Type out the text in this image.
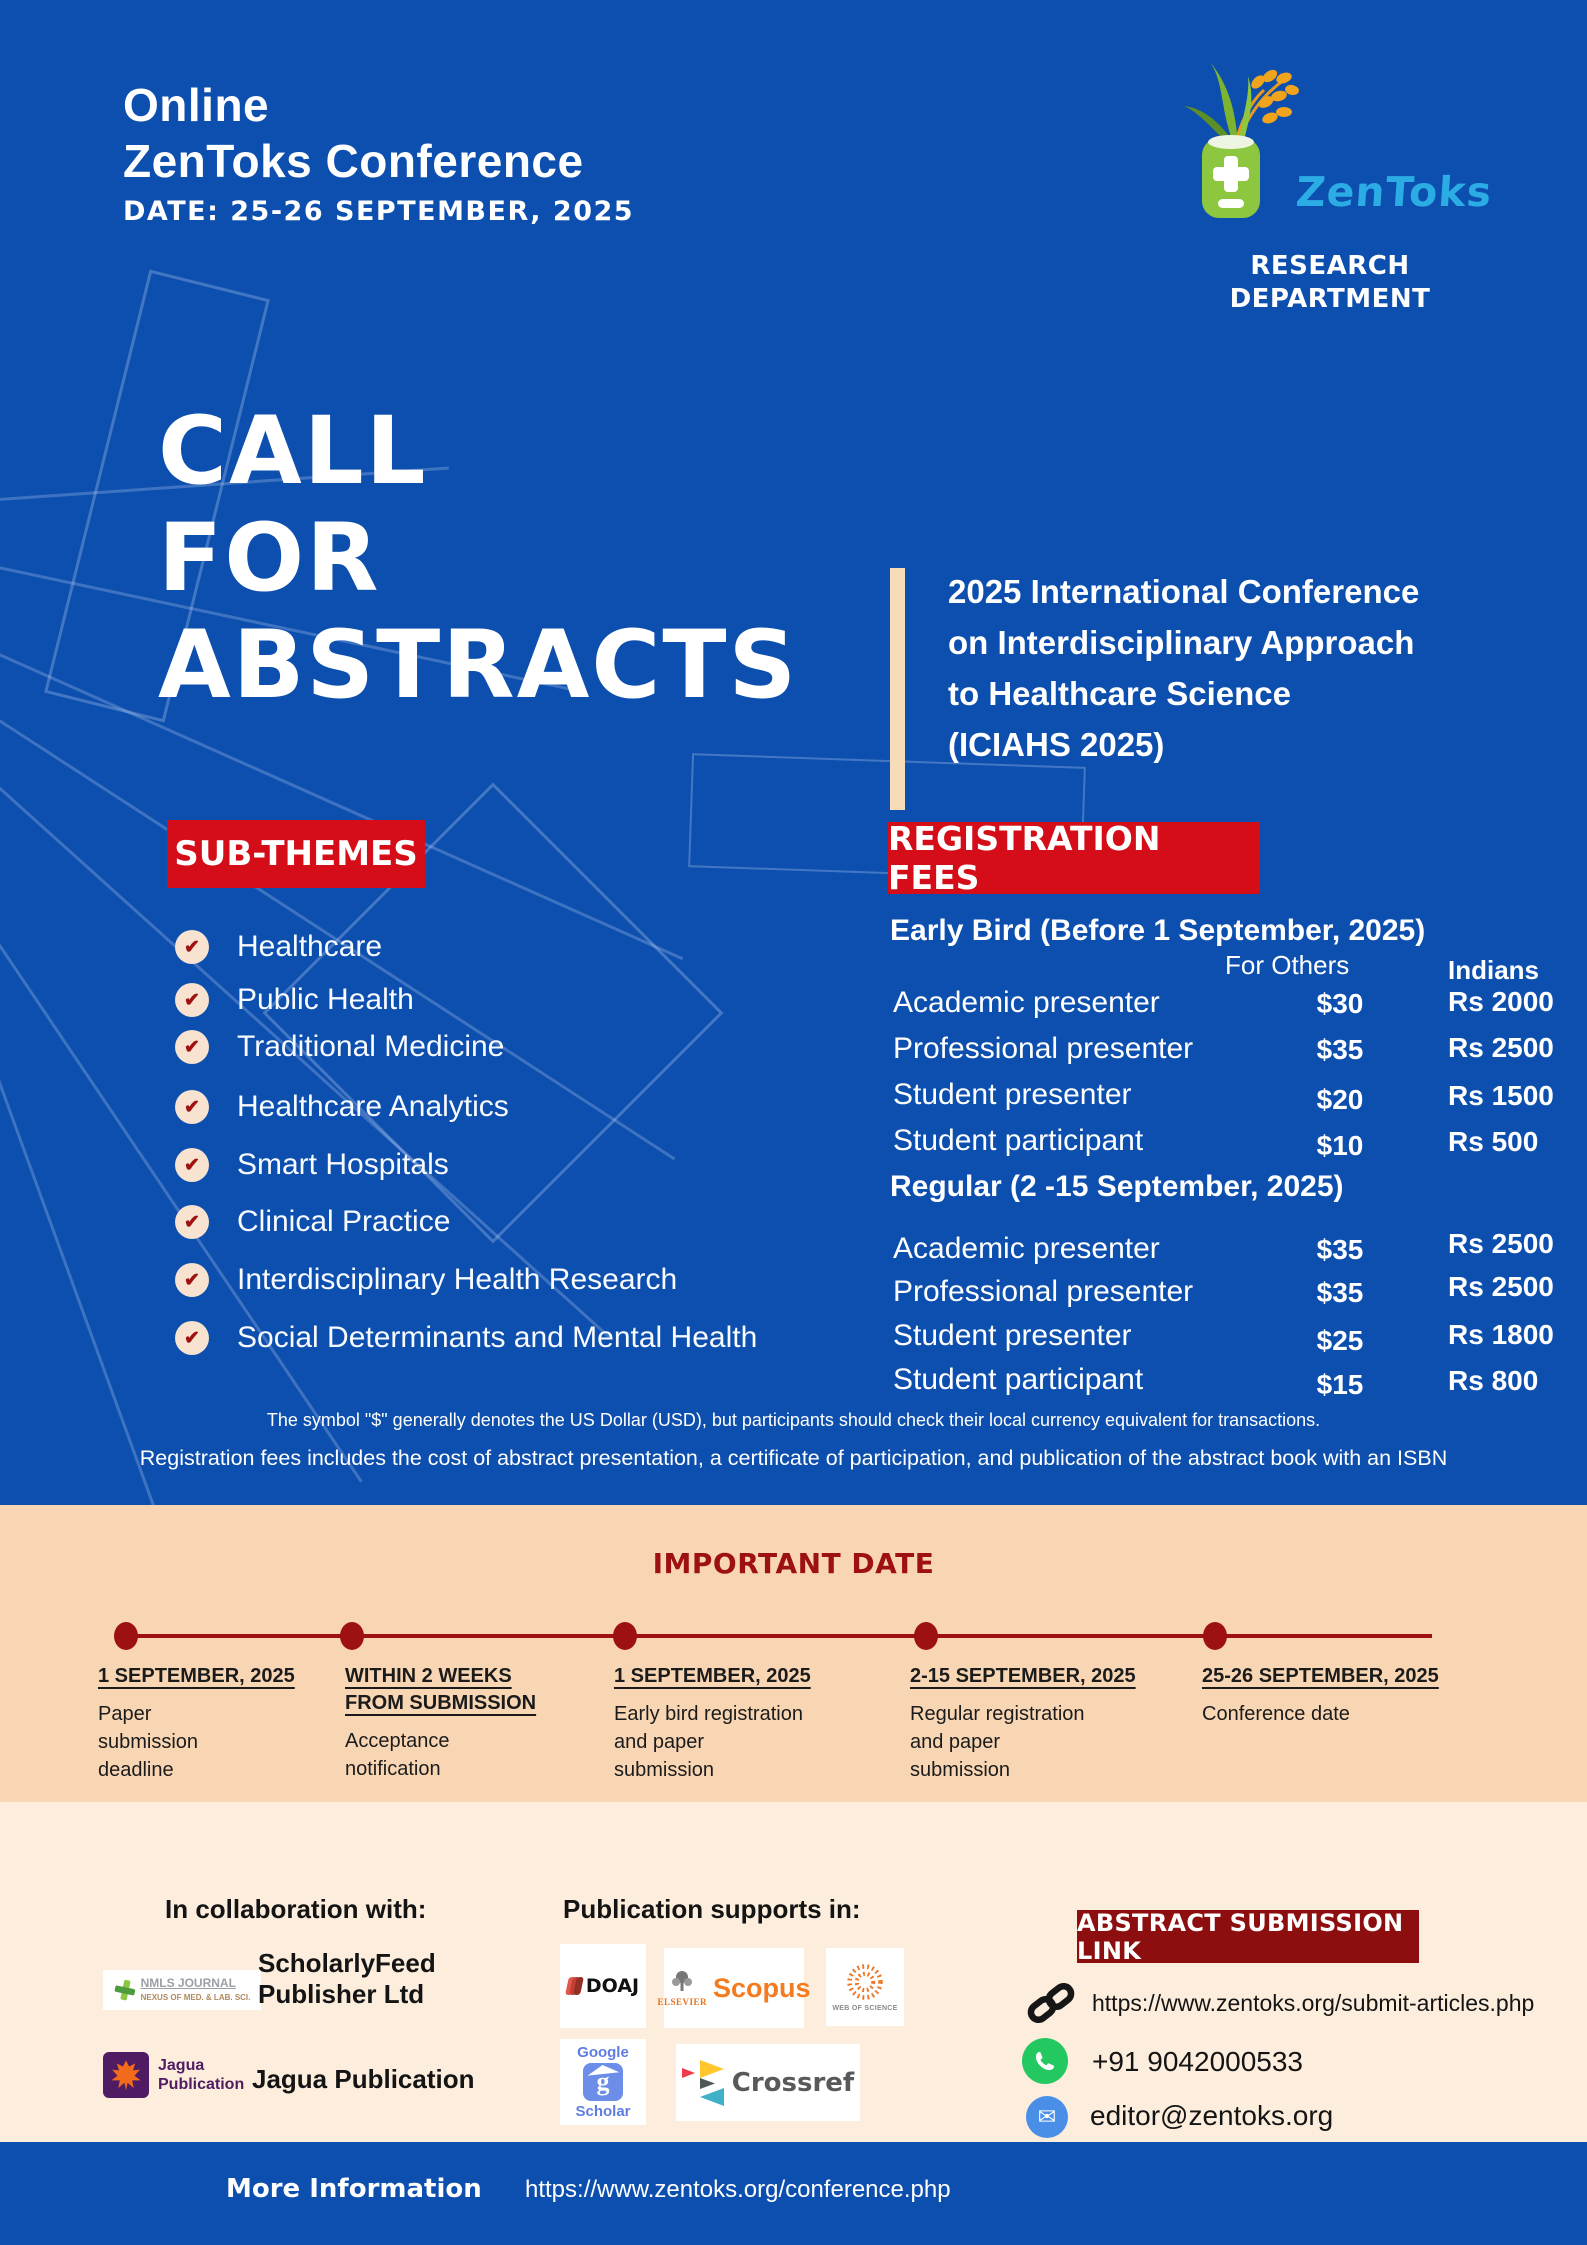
Online
ZenToks Conference
DATE: 25-26 SEPTEMBER, 2025	ZenToks
RESEARCH
DEPARTMENT
CALL
FOR
ABSTRACTS
2025 International Conference
on Interdisciplinary Approach
to Healthcare Science
(ICIAHS 2025)
SUB-THEMES
✔	Healthcare
✔	Public Health
✔	Traditional Medicine
✔	Healthcare Analytics
✔	Smart Hospitals
✔	Clinical Practice
✔	Interdisciplinary Health Research
✔	Social Determinants and Mental Health
REGISTRATION FEES
Early Bird (Before 1 September, 2025)
For Others	Indians
Academic presenter	$30	Rs 2000
Professional presenter	$35	Rs 2500
Student presenter	$20	Rs 1500
Student participant	$10	Rs 500
Regular (2 -15 September, 2025)
Academic presenter	$35	Rs 2500
Professional presenter	$35	Rs 2500
Student presenter	$25	Rs 1800
Student participant	$15	Rs 800
The symbol "$" generally denotes the US Dollar (USD), but participants should check their local currency equivalent for transactions.
Registration fees includes the cost of abstract presentation, a certificate of participation, and publication of the abstract book with an ISBN
IMPORTANT DATE
1 SEPTEMBER, 2025
Paper submission deadline
WITHIN 2 WEEKS FROM SUBMISSION
Acceptance notification
1 SEPTEMBER, 2025
Early bird registration and paper submission
2-15 SEPTEMBER, 2025
Regular registration and paper submission
25-26 SEPTEMBER, 2025
Conference date
In collaboration with:
NMLS JOURNAL
NEXUS OF MED. & LAB. SCI.
ScholarlyFeed Publisher Ltd
Jagua
Publication Jagua Publication
Publication supports in:
DOAJ
ELSEVIER Scopus
WEB OF SCIENCE
Google
g
Scholar
Crossref
ABSTRACT SUBMISSION LINK
https://www.zentoks.org/submit-articles.php
+91 9042000533
✉	editor@zentoks.org
More Information https://www.zentoks.org/conference.php
